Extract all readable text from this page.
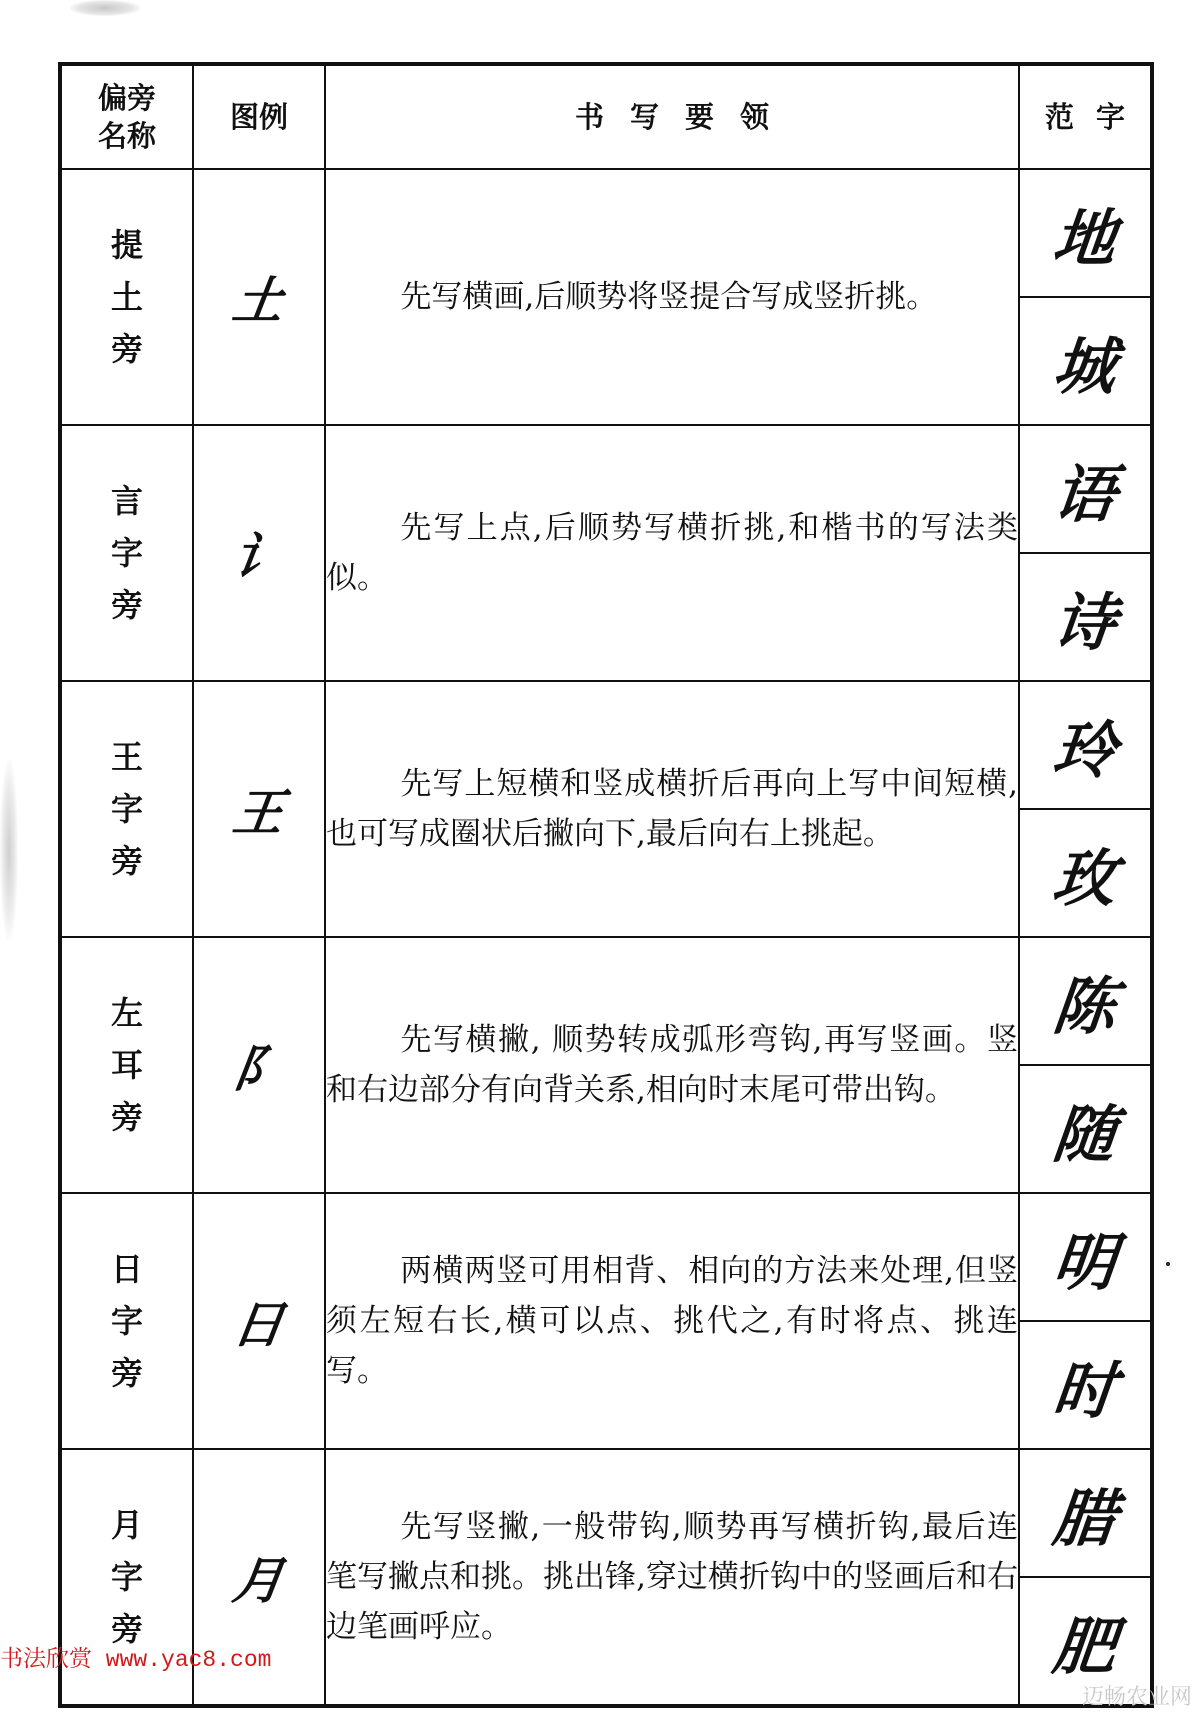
偏旁名称	图例	书写要领	范字
提土旁	土	先写横画,后顺势将竖提合写成竖折挑。	地
城

言字旁	讠	先写上点,后顺势写横折挑,和楷书的写法类似。	语
诗

王字旁	王	先写上短横和竖成横折后再向上写中间短横, 也可写成圈状后撇向下,最后向右上挑起。	玲
玫

左耳旁	阝	先写横撇, 顺势转成弧形弯钩,再写竖画。竖和右边部分有向背关系,相向时末尾可带出钩。	陈
随

日字旁	日	两横两竖可用相背、相向的方法来处理,但竖须左短右长,横可以点、挑代之,有时将点、挑连写。	明
时

月字旁	月	先写竖撇,一般带钩,顺势再写横折钩,最后连笔写撇点和挑。挑出锋,穿过横折钩中的竖画后和右边笔画呼应。	腊
肥
书法欣赏 www.yac8.com
迈畅农业网
